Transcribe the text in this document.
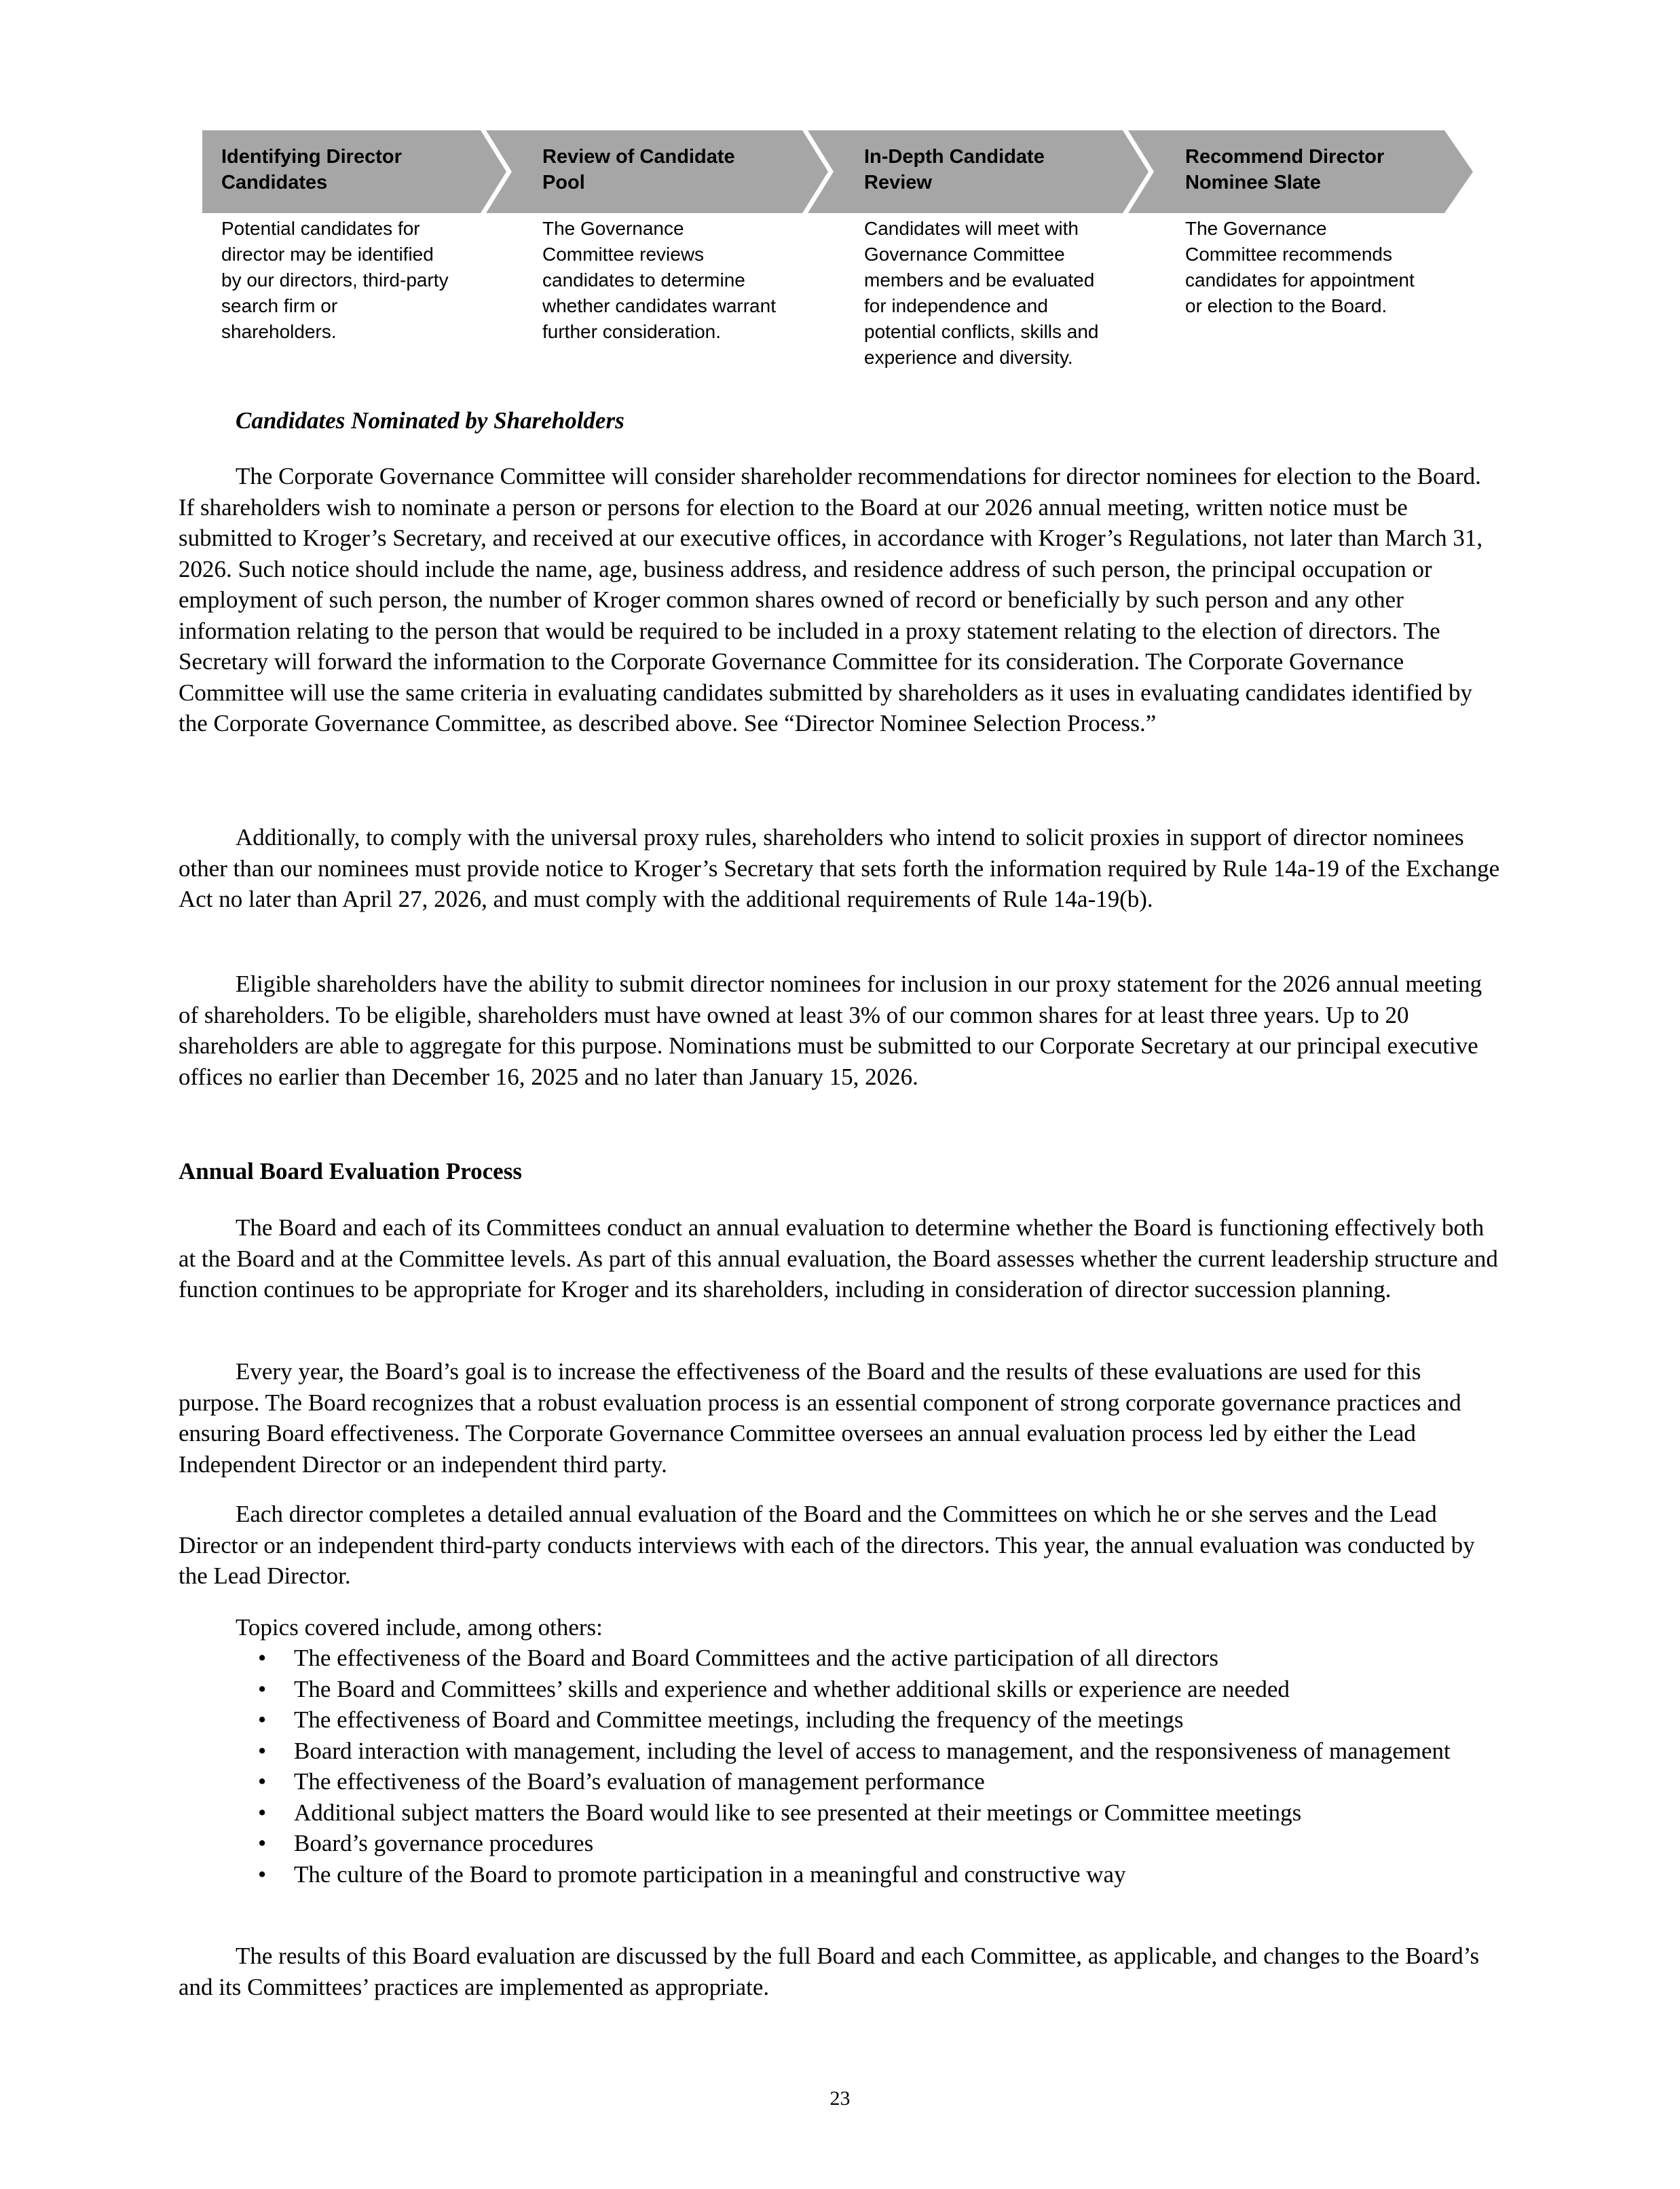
Identifying Director
Candidates
Review of Candidate
Pool
In-Depth Candidate
Review
Recommend Director
Nominee Slate
Potential candidates for
director may be identified
by our directors, third-party
search firm or
shareholders.
The Governance
Committee reviews
candidates to determine
whether candidates warrant
further consideration.
Candidates will meet with
Governance Committee
members and be evaluated
for independence and
potential conflicts, skills and
experience and diversity.
The Governance
Committee recommends
candidates for appointment
or election to the Board.
Candidates Nominated by Shareholders

The Corporate Governance Committee will consider shareholder recommendations for director nominees for election to the Board. If shareholders wish to nominate a person or persons for election to the Board at our 2026 annual meeting, written notice must be submitted to Kroger’s Secretary, and received at our executive offices, in accordance with Kroger’s Regulations, not later than March 31, 2026. Such notice should include the name, age, business address, and residence address of such person, the principal occupation or employment of such person, the number of Kroger common shares owned of record or beneficially by such person and any other information relating to the person that would be required to be included in a proxy statement relating to the election of directors. The Secretary will forward the information to the Corporate Governance Committee for its consideration. The Corporate Governance Committee will use the same criteria in evaluating candidates submitted by shareholders as it uses in evaluating candidates identified by the Corporate Governance Committee, as described above. See “Director Nominee Selection Process.”

Additionally, to comply with the universal proxy rules, shareholders who intend to solicit proxies in support of director nominees other than our nominees must provide notice to Kroger’s Secretary that sets forth the information required by Rule 14a-19 of the Exchange Act no later than April 27, 2026, and must comply with the additional requirements of Rule 14a-19(b).

Eligible shareholders have the ability to submit director nominees for inclusion in our proxy statement for the 2026 annual meeting of shareholders. To be eligible, shareholders must have owned at least 3% of our common shares for at least three years. Up to 20 shareholders are able to aggregate for this purpose. Nominations must be submitted to our Corporate Secretary at our principal executive offices no earlier than December 16, 2025 and no later than January 15, 2026.

Annual Board Evaluation Process

The Board and each of its Committees conduct an annual evaluation to determine whether the Board is functioning effectively both at the Board and at the Committee levels. As part of this annual evaluation, the Board assesses whether the current leadership structure and function continues to be appropriate for Kroger and its shareholders, including in consideration of director succession planning.

Every year, the Board’s goal is to increase the effectiveness of the Board and the results of these evaluations are used for this purpose. The Board recognizes that a robust evaluation process is an essential component of strong corporate governance practices and ensuring Board effectiveness. The Corporate Governance Committee oversees an annual evaluation process led by either the Lead Independent Director or an independent third party.

Each director completes a detailed annual evaluation of the Board and the Committees on which he or she serves and the Lead Director or an independent third-party conducts interviews with each of the directors. This year, the annual evaluation was conducted by the Lead Director.

Topics covered include, among others:
• The effectiveness of the Board and Board Committees and the active participation of all directors
• The Board and Committees’ skills and experience and whether additional skills or experience are needed
• The effectiveness of Board and Committee meetings, including the frequency of the meetings
• Board interaction with management, including the level of access to management, and the responsiveness of management
• The effectiveness of the Board’s evaluation of management performance
• Additional subject matters the Board would like to see presented at their meetings or Committee meetings
• Board’s governance procedures
• The culture of the Board to promote participation in a meaningful and constructive way

The results of this Board evaluation are discussed by the full Board and each Committee, as applicable, and changes to the Board’s and its Committees’ practices are implemented as appropriate.

23
